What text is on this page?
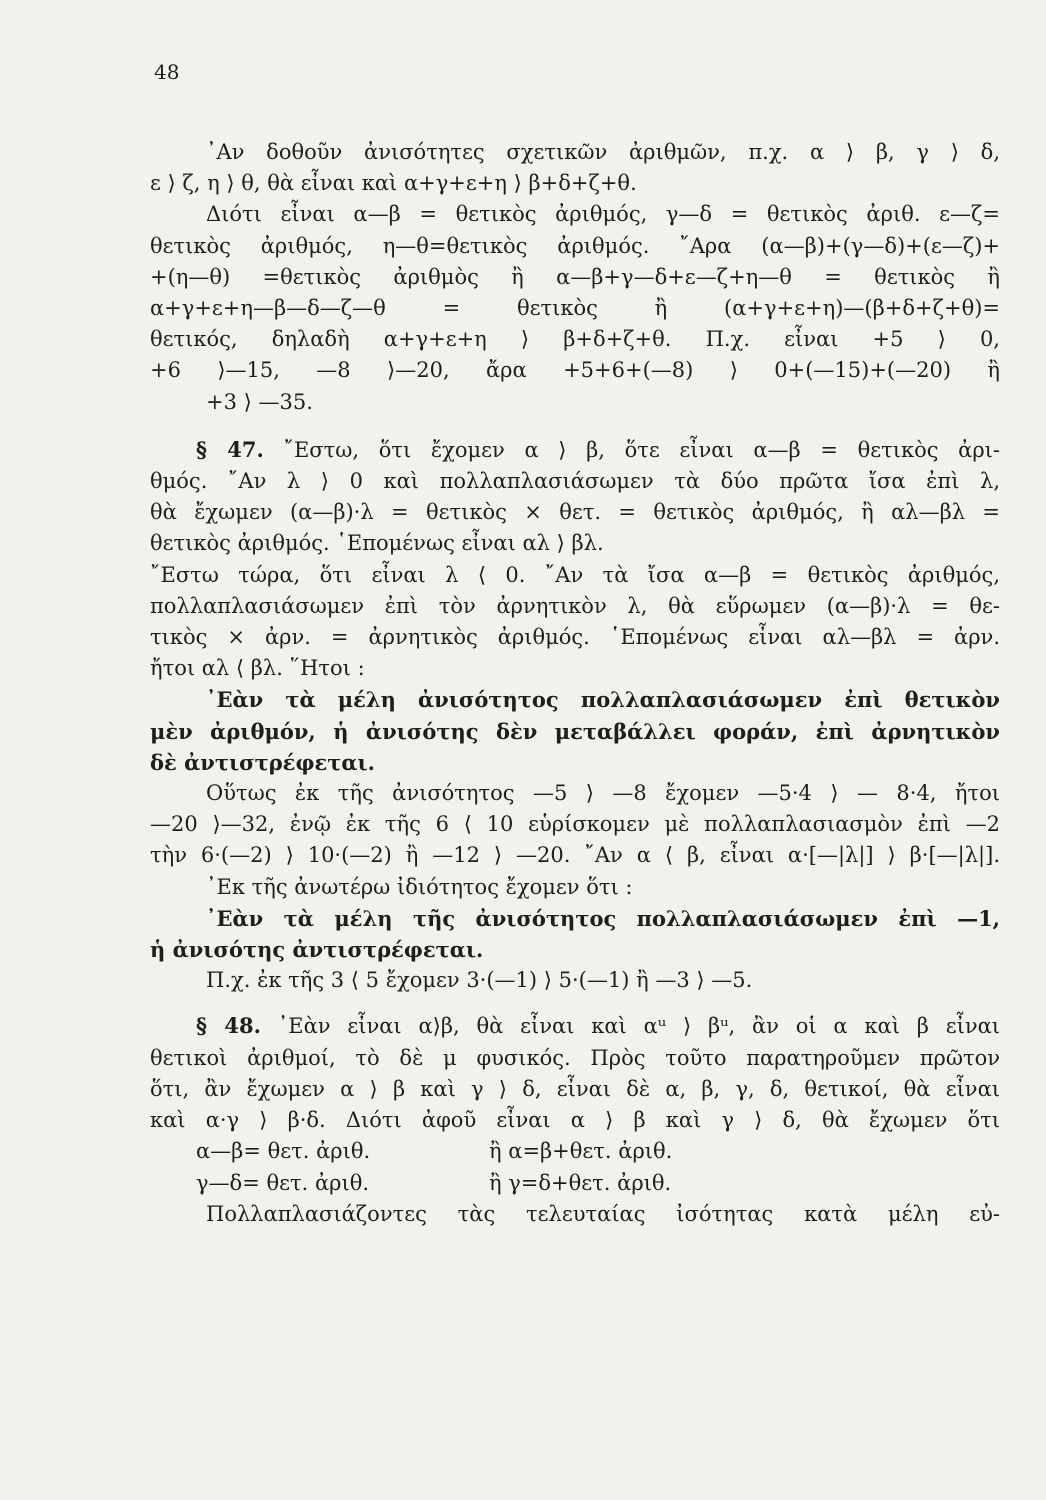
48
᾿Αν δοθοῦν ἀνισότητες σχετικῶν ἀριθμῶν, π.χ. α ⟩ β, γ ⟩ δ,
ε ⟩ ζ, η ⟩ θ, θὰ εἶναι καὶ α+γ+ε+η ⟩ β+δ+ζ+θ.
Διότι εἶναι α—β = θετικὸς ἀριθμός, γ—δ = θετικὸς ἀριθ. ε—ζ=
θετικὸς ἀριθμός, η—θ=θετικὸς ἀριθμός. ῎Αρα (α—β)+(γ—δ)+(ε—ζ)+
+(η—θ) =θετικὸς ἀριθμὸς ἢ α—β+γ—δ+ε—ζ+η—θ = θετικὸς ἢ
α+γ+ε+η—β—δ—ζ—θ = θετικὸς ἢ (α+γ+ε+η)—(β+δ+ζ+θ)=
θετικός, δηλαδὴ α+γ+ε+η ⟩ β+δ+ζ+θ. Π.χ. εἶναι +5 ⟩ 0,
+6 ⟩—15, —8 ⟩—20, ἄρα +5+6+(—8) ⟩ 0+(—15)+(—20) ἢ
+3 ⟩ —35.
§ 47. ῎Εστω, ὅτι ἔχομεν α ⟩ β, ὅτε εἶναι α—β = θετικὸς ἀρι-
θμός. ῎Αν λ ⟩ 0 καὶ πολλαπλασιάσωμεν τὰ δύο πρῶτα ἴσα ἐπὶ λ,
θὰ ἔχωμεν (α—β)·λ = θετικὸς × θετ. = θετικὸς ἀριθμός, ἢ αλ—βλ =
θετικὸς ἀριθμός. ῾Επομένως εἶναι αλ ⟩ βλ.
῎Εστω τώρα, ὅτι εἶναι λ ⟨ 0. ῎Αν τὰ ἴσα α—β = θετικὸς ἀριθμός,
πολλαπλασιάσωμεν ἐπὶ τὸν ἀρνητικὸν λ, θὰ εὕρωμεν (α—β)·λ = θε-
τικὸς × ἀρν. = ἀρνητικὸς ἀριθμός. ῾Επομένως εἶναι αλ—βλ = ἀρν.
ἤτοι αλ ⟨ βλ. ῞Ητοι :
᾿Εὰν τὰ μέλη ἀνισότητος πολλαπλασιάσωμεν ἐπὶ θετικὸν
μὲν ἀριθμόν, ἡ ἀνισότης δὲν μεταβάλλει φοράν, ἐπὶ ἀρνητικὸν
δὲ ἀντιστρέφεται.
Οὕτως ἐκ τῆς ἀνισότητος —5 ⟩ —8 ἔχομεν —5·4 ⟩ — 8·4, ἤτοι
—20 ⟩—32, ἐνῷ ἐκ τῆς 6 ⟨ 10 εὑρίσκομεν μὲ πολλαπλασιασμὸν ἐπὶ —2
τὴν 6·(—2) ⟩ 10·(—2) ἢ —12 ⟩ —20. ῎Αν α ⟨ β, εἶναι α·[—|λ|] ⟩ β·[—|λ|].
᾿Εκ τῆς ἀνωτέρω ἰδιότητος ἔχομεν ὅτι :
᾿Εὰν τὰ μέλη τῆς ἀνισότητος πολλαπλασιάσωμεν ἐπὶ —1,
ἡ ἀνισότης ἀντιστρέφεται.
Π.χ. ἐκ τῆς 3 ⟨ 5 ἔχομεν 3·(—1) ⟩ 5·(—1) ἢ —3 ⟩ —5.
§ 48. ᾿Εὰν εἶναι α⟩β, θὰ εἶναι καὶ αᵘ ⟩ βᵘ, ἂν οἱ α καὶ β εἶναι
θετικοὶ ἀριθμοί, τὸ δὲ μ φυσικός. Πρὸς τοῦτο παρατηροῦμεν πρῶτον
ὅτι, ἂν ἔχωμεν α ⟩ β καὶ γ ⟩ δ, εἶναι δὲ α, β, γ, δ, θετικοί, θὰ εἶναι
καὶ α·γ ⟩ β·δ. Διότι ἀφοῦ εἶναι α ⟩ β καὶ γ ⟩ δ, θὰ ἔχωμεν ὅτι
α—β= θετ. ἀριθ.	ἢ α=β+θετ. ἀριθ.
γ—δ= θετ. ἀριθ.	ἢ γ=δ+θετ. ἀριθ.
Πολλαπλασιάζοντες τὰς τελευταίας ἰσότητας κατὰ μέλη εὐ-
